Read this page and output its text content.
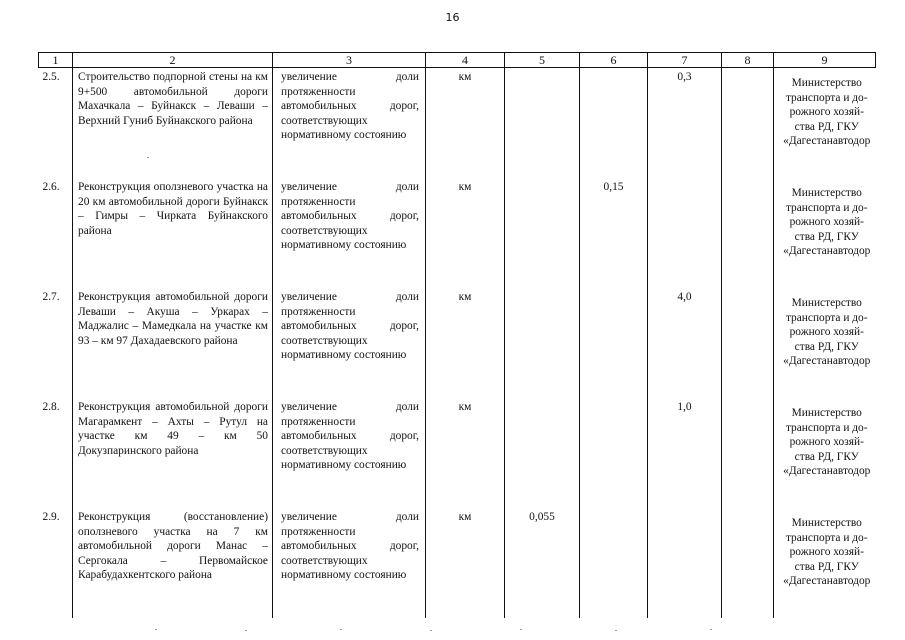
16
1	2	3	4	5	6	7	8	9
2.5.	Строительство подпорной стены на км 9+500 автомобильной дороги Махачкала – Буйнакск – Леваши – Верхний Гуниб Буйнакского района	увеличение доли протяженности автомобильных дорог, соответствующих нормативному состоянию	км			0,3		Министерство
транспорта и до-
рожного хозяй-
ства РД, ГКУ
«Дагестанавтодор

2.6.	Реконструкция оползневого участка на 20 км автомобильной дороги Буйнакск – Гимры – Чирката Буйнакского района	увеличение доли протяженности автомобильных дорог, соответствующих нормативному состоянию	км		0,15			Министерство
транспорта и до-
рожного хозяй-
ства РД, ГКУ
«Дагестанавтодор

2.7.	Реконструкция автомобильной дороги Леваши – Акуша – Уркарах – Маджалис – Мамедкала на участке км 93 – км 97 Дахадаевского района	увеличение доли протяженности автомобильных дорог, соответствующих нормативному состоянию	км			4,0		Министерство
транспорта и до-
рожного хозяй-
ства РД, ГКУ
«Дагестанавтодор

2.8.	Реконструкция автомобильной дороги Магарамкент – Ахты – Рутул на участке км 49 – км 50 Докузпаринского района	увеличение доли протяженности автомобильных дорог, соответствующих нормативному состоянию	км			1,0		Министерство
транспорта и до-
рожного хозяй-
ства РД, ГКУ
«Дагестанавтодор

2.9.	Реконструкция (восстановление) оползневого участка на 7 км автомобильной дороги Манас – Сергокала – Первомайское Карабудахкентского района	увеличение доли протяженности автомобильных дорог, соответствующих нормативному состоянию	км	0,055				Министерство
транспорта и до-
рожного хозяй-
ства РД, ГКУ
«Дагестанавтодор
